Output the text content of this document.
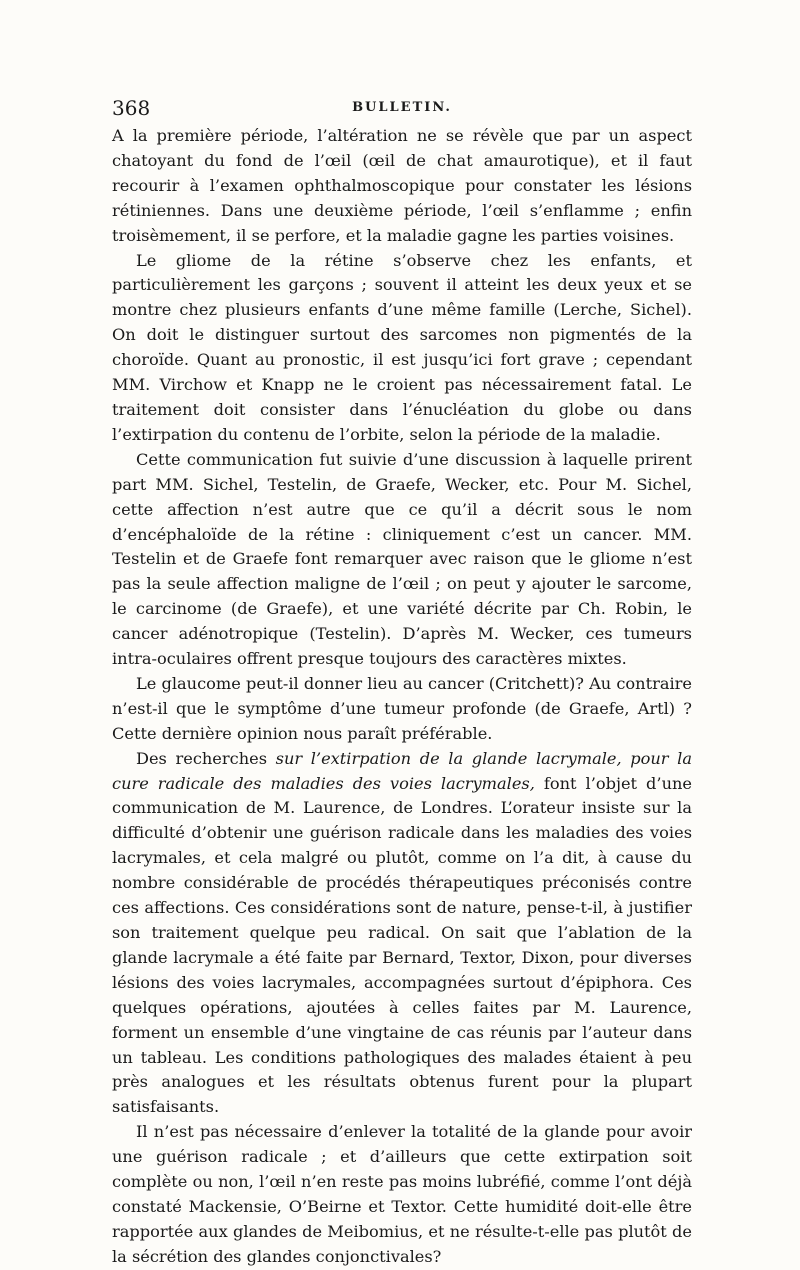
368	BULLETIN.

A la première période, l’altération ne se révèle que par un aspect chatoyant du fond de l’œil (œil de chat amaurotique), et il faut recourir à l’examen ophthalmoscopique pour constater les lésions rétiniennes. Dans une deuxième période, l’œil s’enflamme ; enfin troisèmement, il se perfore, et la maladie gagne les parties voisines.

Le gliome de la rétine s’observe chez les enfants, et particulièrement les garçons ; souvent il atteint les deux yeux et se montre chez plusieurs enfants d’une même famille (Lerche, Sichel). On doit le distinguer surtout des sarcomes non pigmentés de la choroïde. Quant au pronostic, il est jusqu’ici fort grave ; cependant MM. Virchow et Knapp ne le croient pas nécessairement fatal. Le traitement doit consister dans l’énucléation du globe ou dans l’extirpation du contenu de l’orbite, selon la période de la maladie.

Cette communication fut suivie d’une discussion à laquelle prirent part MM. Sichel, Testelin, de Graefe, Wecker, etc. Pour M. Sichel, cette affection n’est autre que ce qu’il a décrit sous le nom d’encéphaloïde de la rétine : cliniquement c’est un cancer. MM. Testelin et de Graefe font remarquer avec raison que le gliome n’est pas la seule affection maligne de l’œil ; on peut y ajouter le sarcome, le carcinome (de Graefe), et une variété décrite par Ch. Robin, le cancer adénotropique (Testelin). D’après M. Wecker, ces tumeurs intra-oculaires offrent presque toujours des caractères mixtes.

Le glaucome peut-il donner lieu au cancer (Critchett)? Au contraire n’est-il que le symptôme d’une tumeur profonde (de Graefe, Artl) ? Cette dernière opinion nous paraît préférable.

Des recherches sur l’extirpation de la glande lacrymale, pour la cure radicale des maladies des voies lacrymales, font l’objet d’une communication de M. Laurence, de Londres. L’orateur insiste sur la difficulté d’obtenir une guérison radicale dans les maladies des voies lacrymales, et cela malgré ou plutôt, comme on l’a dit, à cause du nombre considérable de procédés thérapeutiques préconisés contre ces affections. Ces considérations sont de nature, pense-t-il, à justifier son traitement quelque peu radical. On sait que l’ablation de la glande lacrymale a été faite par Bernard, Textor, Dixon, pour diverses lésions des voies lacrymales, accompagnées surtout d’épiphora. Ces quelques opérations, ajoutées à celles faites par M. Laurence, forment un ensemble d’une vingtaine de cas réunis par l’auteur dans un tableau. Les conditions pathologiques des malades étaient à peu près analogues et les résultats obtenus furent pour la plupart satisfaisants.

Il n’est pas nécessaire d’enlever la totalité de la glande pour avoir une guérison radicale ; et d’ailleurs que cette extirpation soit complète ou non, l’œil n’en reste pas moins lubréfié, comme l’ont déjà constaté Mackensie, O’Beirne et Textor. Cette humidité doit-elle être rapportée aux glandes de Meibomius, et ne résulte-t-elle pas plutôt de la sécrétion des glandes conjonctivales?
